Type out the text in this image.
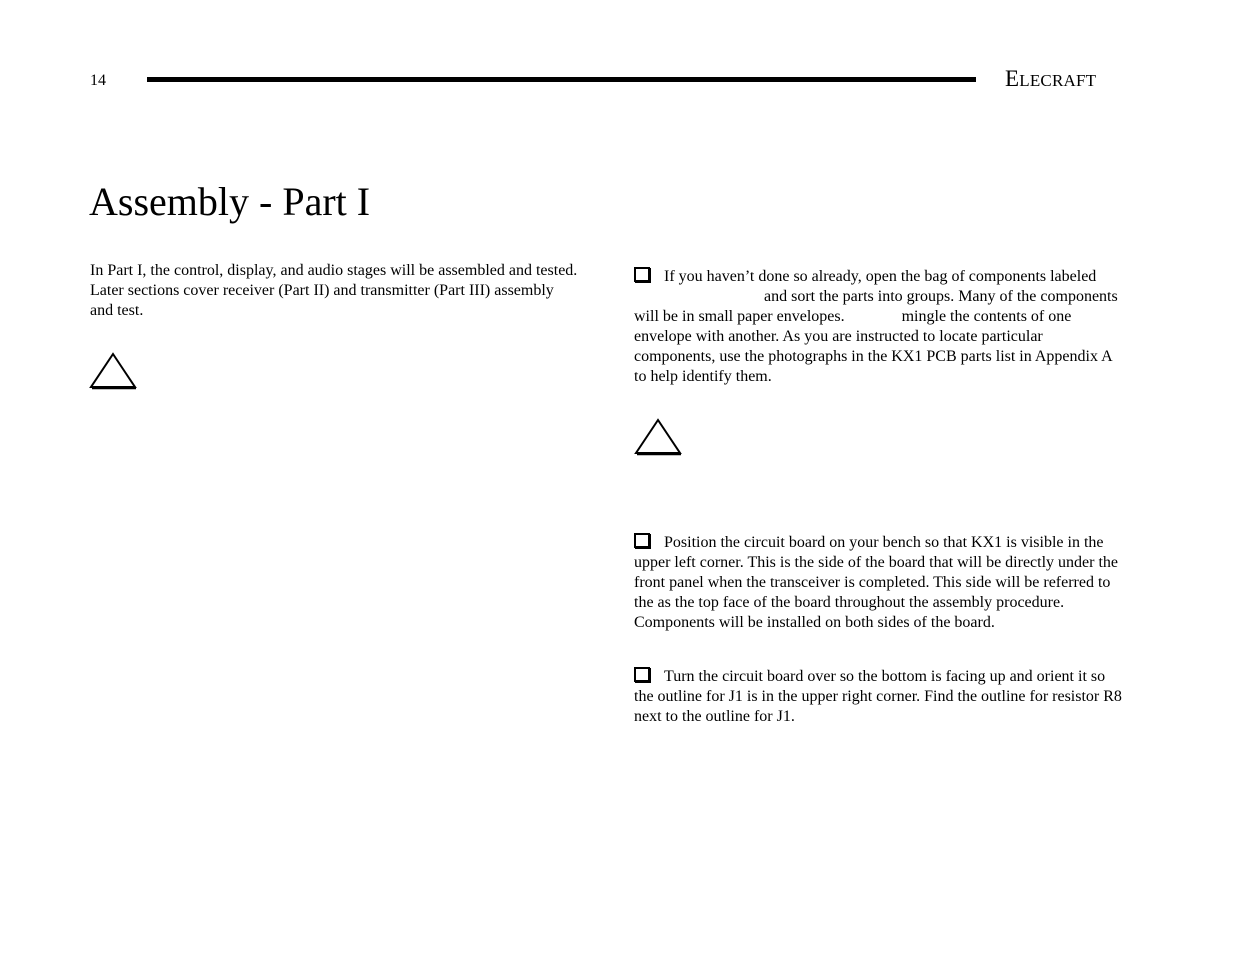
14	ELECRAFT
Assembly - Part I

In Part I, the control, display, and audio stages will be assembled and tested. Later sections cover receiver (Part II) and transmitter (Part III) assembly and test.

If you haven’t done so already, open the bag of components labeledand sort the parts into groups. Many of the components will be in small paper envelopes.	mingle the contents of one envelope with another. As you are instructed to locate particular components, use the photographs in the KX1 PCB parts list in Appendix A to help identify them.

Position the circuit board on your bench so that KX1 is visible in the upper left corner. This is the side of the board that will be directly under the front panel when the transceiver is completed. This side will be referred to the as the top face of the board throughout the assembly procedure. Components will be installed on both sides of the board.

Turn the circuit board over so the bottom is facing up and orient it so the outline for J1 is in the upper right corner. Find the outline for resistor R8 next to the outline for J1.
